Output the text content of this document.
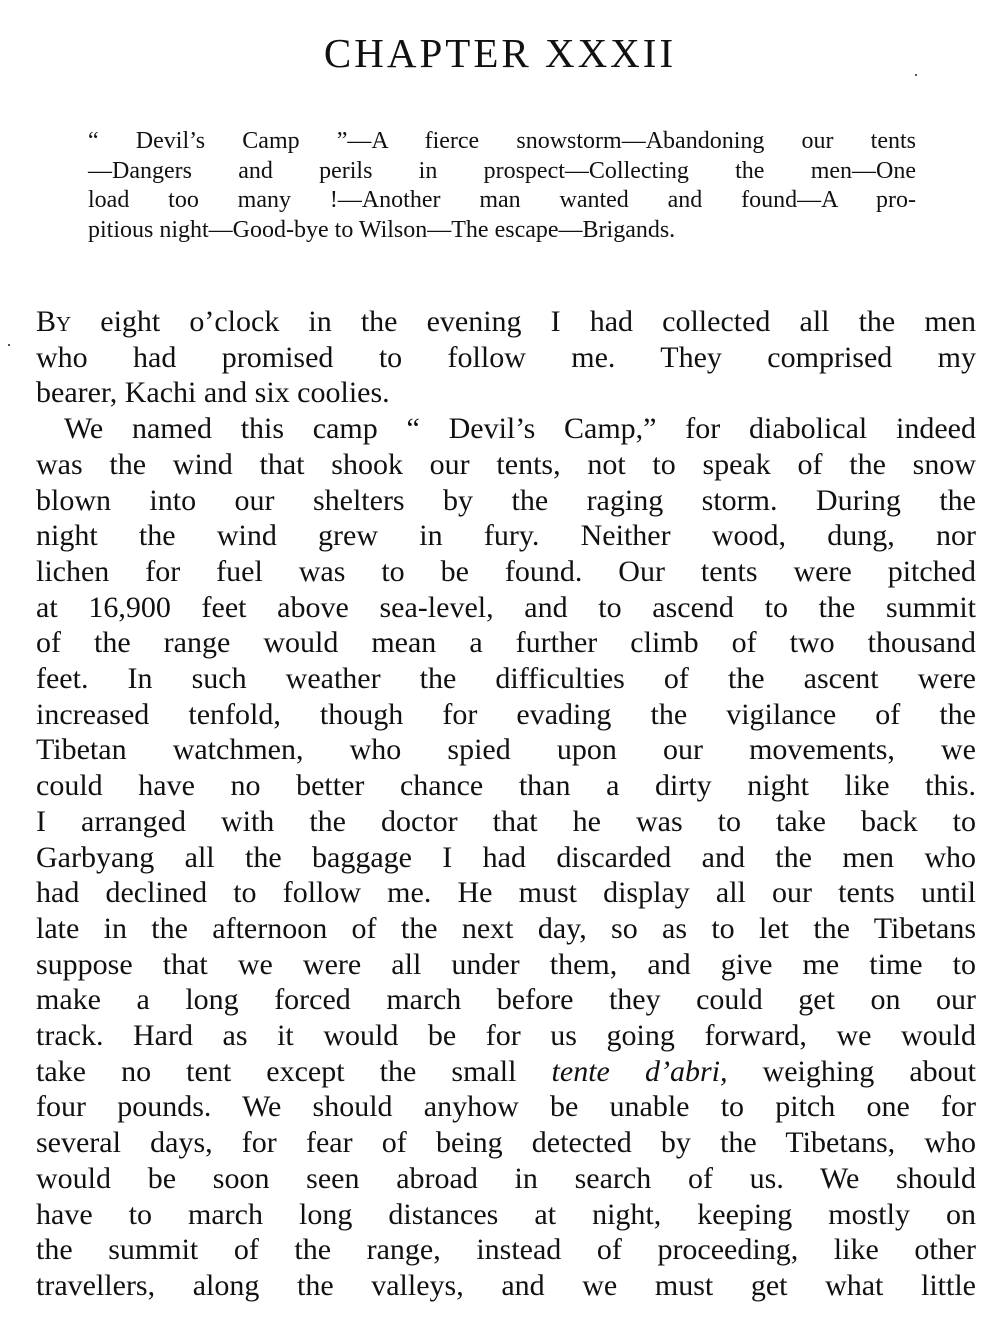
CHAPTER XXXII
“ Devil’s Camp ”—A fierce snowstorm—Abandoning our tents
—Dangers and perils in prospect—Collecting the men—One
load too many !—Another man wanted and found—A pro-
pitious night—Good-bye to Wilson—The escape—Brigands.
By eight o’clock in the evening I had collected all the men
who had promised to follow me. They comprised my
bearer, Kachi and six coolies.
We named this camp “ Devil’s Camp,” for diabolical indeed
was the wind that shook our tents, not to speak of the snow
blown into our shelters by the raging storm. During the
night the wind grew in fury. Neither wood, dung, nor
lichen for fuel was to be found. Our tents were pitched
at 16,900 feet above sea-level, and to ascend to the summit
of the range would mean a further climb of two thousand
feet. In such weather the difficulties of the ascent were
increased tenfold, though for evading the vigilance of the
Tibetan watchmen, who spied upon our movements, we
could have no better chance than a dirty night like this.
I arranged with the doctor that he was to take back to
Garbyang all the baggage I had discarded and the men who
had declined to follow me. He must display all our tents until
late in the afternoon of the next day, so as to let the Tibetans
suppose that we were all under them, and give me time to
make a long forced march before they could get on our
track. Hard as it would be for us going forward, we would
take no tent except the small tente d’abri, weighing about
four pounds. We should anyhow be unable to pitch one for
several days, for fear of being detected by the Tibetans, who
would be soon seen abroad in search of us. We should
have to march long distances at night, keeping mostly on
the summit of the range, instead of proceeding, like other
travellers, along the valleys, and we must get what little
